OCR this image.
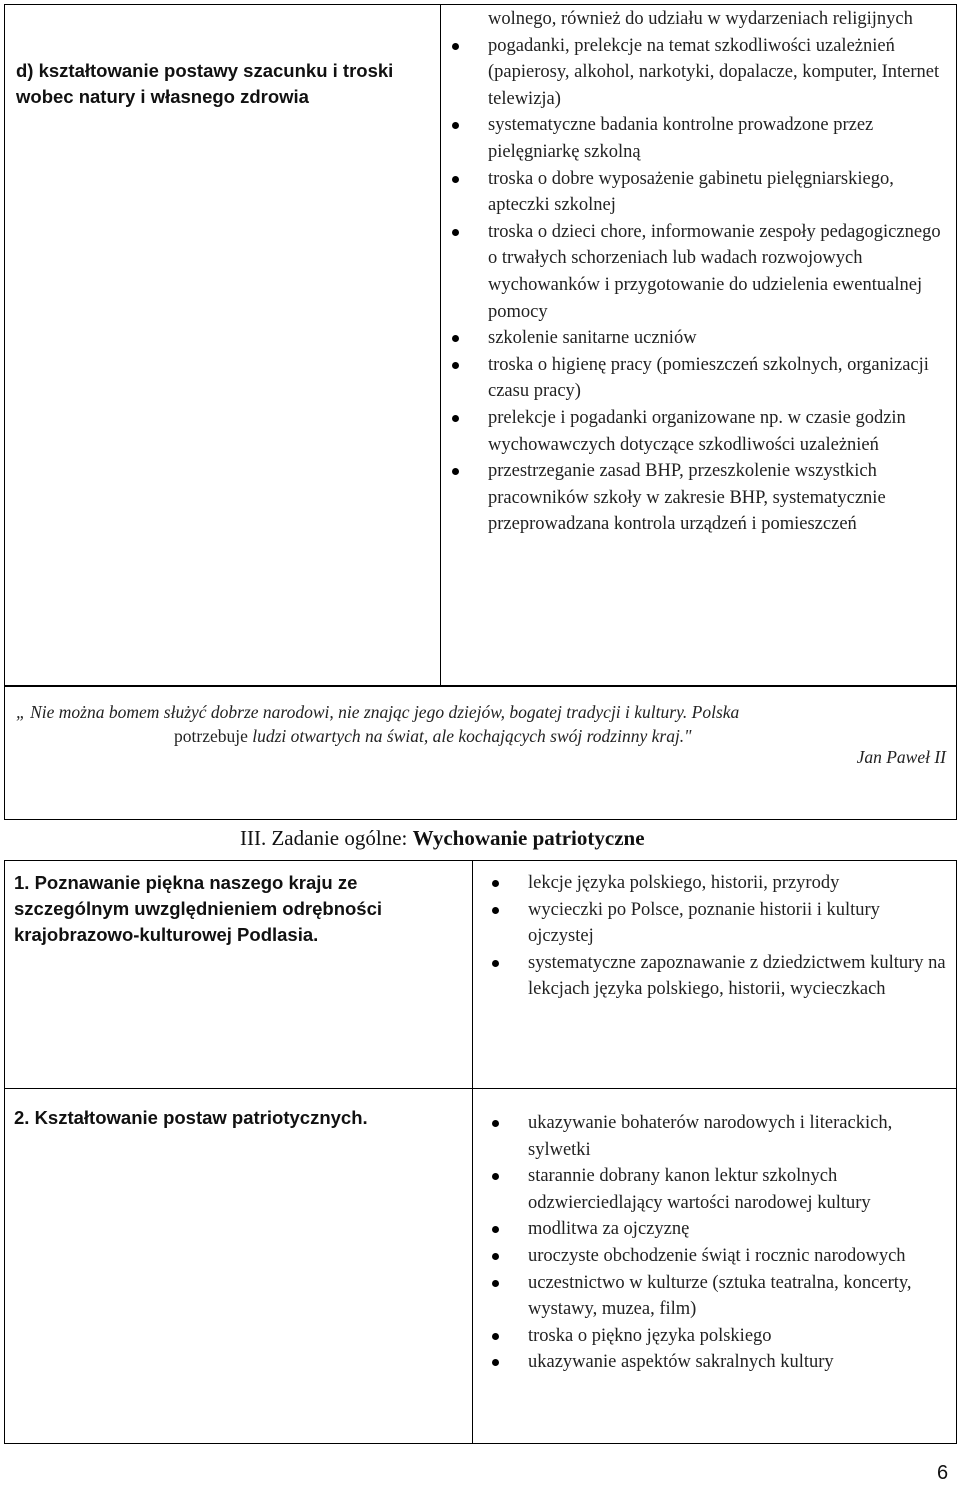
d) kształtowanie postawy szacunku i troski wobec natury i własnego zdrowia
wolnego, również do udziału w wydarzeniach religijnych
pogadanki, prelekcje na temat szkodliwości uzależnień (papierosy, alkohol, narkotyki, dopalacze, komputer, Internet telewizja)
systematyczne badania kontrolne prowadzone przez pielęgniarkę szkolną
troska o dobre wyposażenie gabinetu pielęgniarskiego, apteczki szkolnej
troska o dzieci chore, informowanie zespoły pedagogicznego o trwałych schorzeniach lub wadach rozwojowych wychowanków i przygotowanie do udzielenia ewentualnej pomocy
szkolenie sanitarne uczniów
troska o higienę pracy (pomieszczeń szkolnych, organizacji czasu pracy)
prelekcje i pogadanki organizowane np. w czasie godzin wychowawczych dotyczące szkodliwości uzależnień
przestrzeganie zasad BHP, przeszkolenie wszystkich pracowników szkoły w zakresie BHP, systematycznie przeprowadzana kontrola urządzeń i pomieszczeń
„ Nie można bomem służyć dobrze narodowi, nie znając jego dziejów, bogatej tradycji i kultury. Polska
potrzebuje ludzi otwartych na świat, ale kochających swój rodzinny kraj."
Jan Paweł II
III. Zadanie ogólne: Wychowanie patriotyczne
1. Poznawanie piękna naszego kraju ze szczególnym uwzględnieniem odrębności krajobrazowo-kulturowej Podlasia.
lekcje języka polskiego, historii, przyrody
wycieczki po Polsce, poznanie historii i kultury ojczystej
systematyczne zapoznawanie z dziedzictwem kultury na lekcjach języka polskiego, historii, wycieczkach
2. Kształtowanie postaw patriotycznych.	ukazywanie bohaterów narodowych i literackich, sylwetki
starannie dobrany kanon lektur szkolnych odzwierciedlający wartości narodowej kultury
modlitwa za ojczyznę
uroczyste obchodzenie świąt i rocznic narodowych
uczestnictwo w kulturze (sztuka teatralna, koncerty, wystawy, muzea, film)
troska o piękno języka polskiego
ukazywanie aspektów sakralnych kultury
6
